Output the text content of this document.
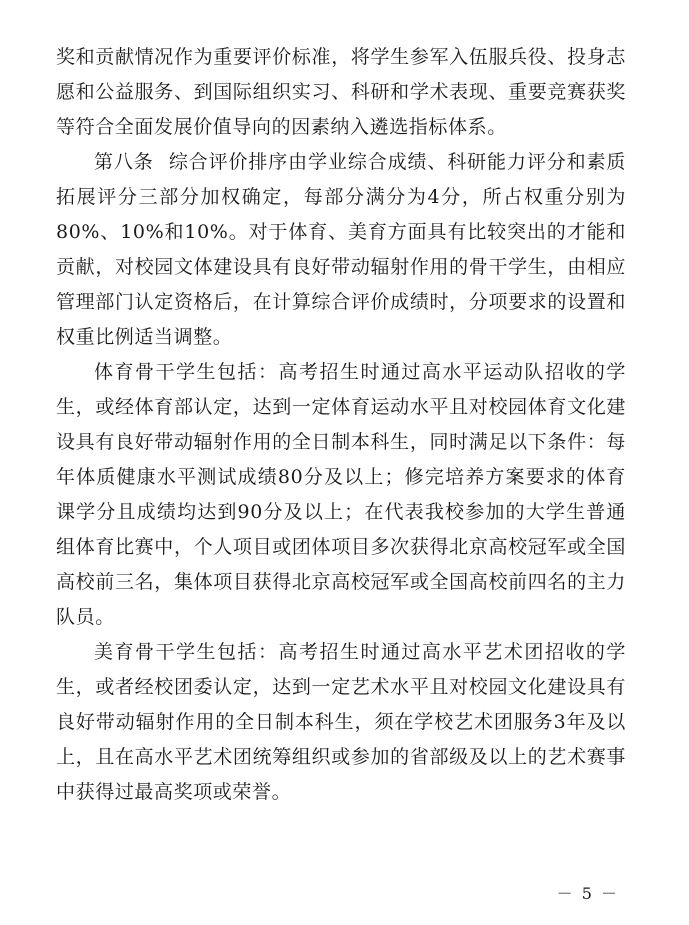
奖和贡献情况作为重要评价标准，将学生参军入伍服兵役、投身志愿和公益服务、到国际组织实习、科研和学术表现、重要竞赛获奖等符合全面发展价值导向的因素纳入遴选指标体系。

第八条 综合评价排序由学业综合成绩、科研能力评分和素质拓展评分三部分加权确定，每部分满分为4分，所占权重分别为80%、10%和10%。对于体育、美育方面具有比较突出的才能和贡献，对校园文体建设具有良好带动辐射作用的骨干学生，由相应管理部门认定资格后，在计算综合评价成绩时，分项要求的设置和权重比例适当调整。

体育骨干学生包括：高考招生时通过高水平运动队招收的学生，或经体育部认定，达到一定体育运动水平且对校园体育文化建设具有良好带动辐射作用的全日制本科生，同时满足以下条件：每年体质健康水平测试成绩80分及以上；修完培养方案要求的体育课学分且成绩均达到90分及以上；在代表我校参加的大学生普通组体育比赛中，个人项目或团体项目多次获得北京高校冠军或全国高校前三名，集体项目获得北京高校冠军或全国高校前四名的主力队员。

美育骨干学生包括：高考招生时通过高水平艺术团招收的学生，或者经校团委认定，达到一定艺术水平且对校园文化建设具有良好带动辐射作用的全日制本科生，须在学校艺术团服务3年及以上，且在高水平艺术团统筹组织或参加的省部级及以上的艺术赛事中获得过最高奖项或荣誉。

－ 5 －
